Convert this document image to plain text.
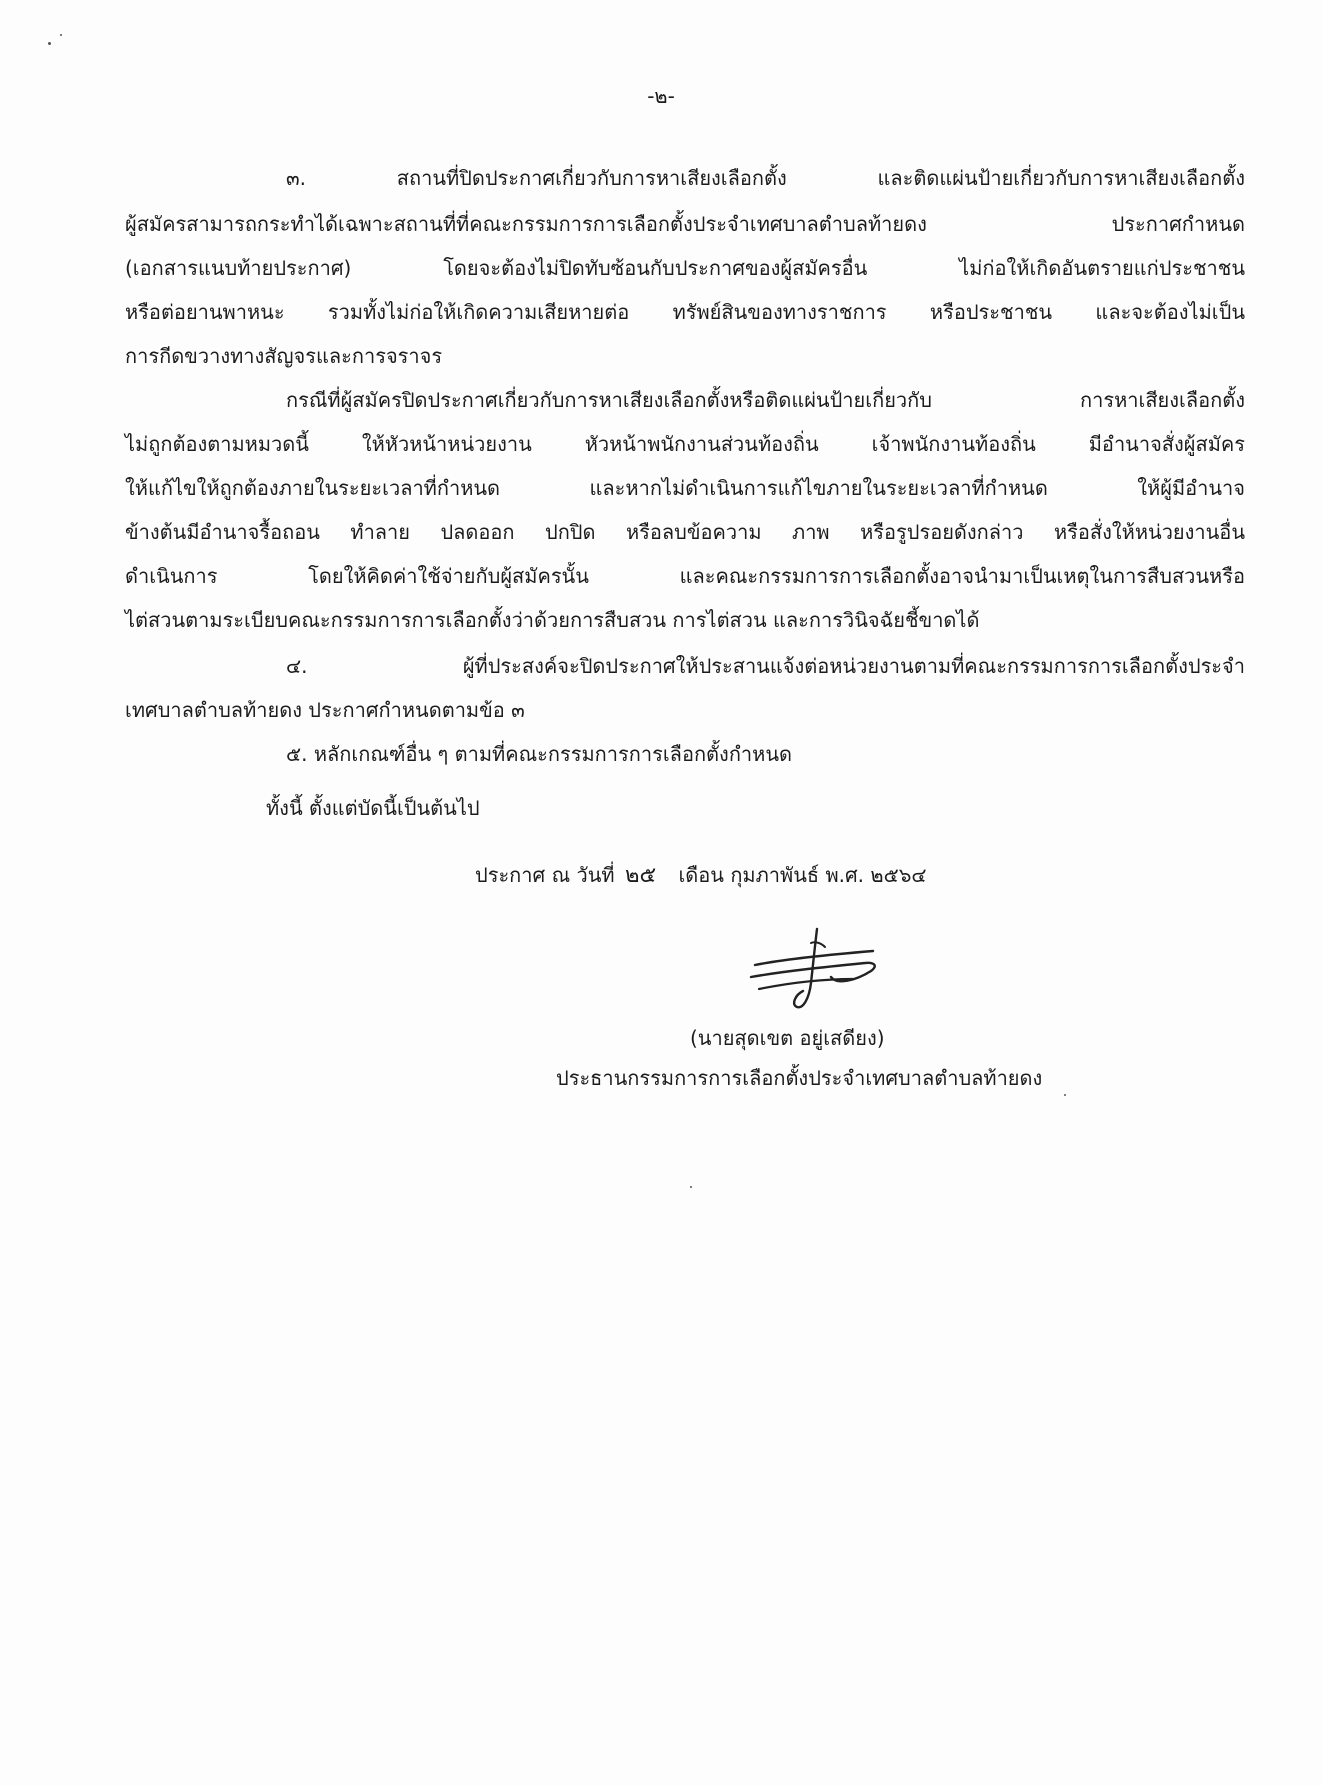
-๒-
๓. สถานที่ปิดประกาศเกี่ยวกับการหาเสียงเลือกตั้ง และติดแผ่นป้ายเกี่ยวกับการหาเสียงเลือกตั้ง
ผู้สมัครสามารถกระทำได้เฉพาะสถานที่ที่คณะกรรมการการเลือกตั้งประจำเทศบาลตำบลท้ายดง ประกาศกำหนด
(เอกสารแนบท้ายประกาศ) โดยจะต้องไม่ปิดทับซ้อนกับประกาศของผู้สมัครอื่น ไม่ก่อให้เกิดอันตรายแก่ประชาชน
หรือต่อยานพาหนะ รวมทั้งไม่ก่อให้เกิดความเสียหายต่อ ทรัพย์สินของทางราชการ หรือประชาชน และจะต้องไม่เป็น
การกีดขวางทางสัญจรและการจราจร
กรณีที่ผู้สมัครปิดประกาศเกี่ยวกับการหาเสียงเลือกตั้งหรือติดแผ่นป้ายเกี่ยวกับ การหาเสียงเลือกตั้ง
ไม่ถูกต้องตามหมวดนี้ ให้หัวหน้าหน่วยงาน หัวหน้าพนักงานส่วนท้องถิ่น เจ้าพนักงานท้องถิ่น มีอำนาจสั่งผู้สมัคร
ให้แก้ไขให้ถูกต้องภายในระยะเวลาที่กำหนด และหากไม่ดำเนินการแก้ไขภายในระยะเวลาที่กำหนด ให้ผู้มีอำนาจ
ข้างต้นมีอำนาจรื้อถอน ทำลาย ปลดออก ปกปิด หรือลบข้อความ ภาพ หรือรูปรอยดังกล่าว หรือสั่งให้หน่วยงานอื่น
ดำเนินการ โดยให้คิดค่าใช้จ่ายกับผู้สมัครนั้น และคณะกรรมการการเลือกตั้งอาจนำมาเป็นเหตุในการสืบสวนหรือ
ไต่สวนตามระเบียบคณะกรรมการการเลือกตั้งว่าด้วยการสืบสวน การไต่สวน และการวินิจฉัยชี้ขาดได้
๔. ผู้ที่ประสงค์จะปิดประกาศให้ประสานแจ้งต่อหน่วยงานตามที่คณะกรรมการการเลือกตั้งประจำ
เทศบาลตำบลท้ายดง ประกาศกำหนดตามข้อ ๓
๕. หลักเกณฑ์อื่น ๆ ตามที่คณะกรรมการการเลือกตั้งกำหนด
ทั้งนี้ ตั้งแต่บัดนี้เป็นต้นไป
ประกาศ ณ วันที่ ๒๕ เดือน กุมภาพันธ์ พ.ศ. ๒๕๖๔
(นายสุดเขต อยู่เสดียง)
ประธานกรรมการการเลือกตั้งประจำเทศบาลตำบลท้ายดง
